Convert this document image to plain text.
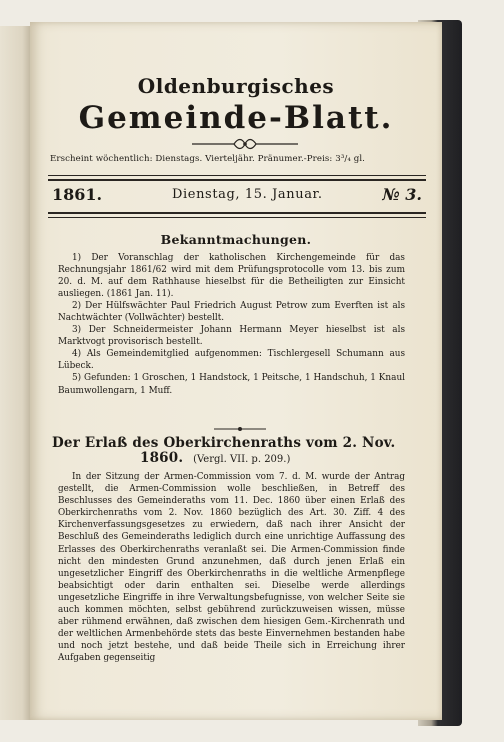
Oldenburgisches
Gemeinde-Blatt.
Erscheint wöchentlich: Dienstags. Vierteljähr. Pränumer.-Preis: 3³/₄ gl.
1861.	Dienstag, 15. Januar.	№ 3.
Bekanntmachungen.

1) Der Voranschlag der katholischen Kirchengemeinde für das Rechnungsjahr 1861/62 wird mit dem Prüfungsprotocolle vom 13. bis zum 20. d. M. auf dem Rathhause hieselbst für die Betheiligten zur Einsicht ausliegen. (1861 Jan. 11).

2) Der Hülfswächter Paul Friedrich August Petrow zum Everften ist als Nachtwächter (Vollwächter) bestellt.

3) Der Schneidermeister Johann Hermann Meyer hieselbst ist als Marktvogt provisorisch bestellt.

4) Als Gemeindemitglied aufgenommen: Tischlergesell Schumann aus Lübeck.

5) Gefunden: 1 Groschen, 1 Handstock, 1 Peitsche, 1 Handschuh, 1 Knaul Baumwollengarn, 1 Muff.

Der Erlaß des Oberkirchenraths vom 2. Nov.
1860. (Vergl. VII. p. 209.)

In der Sitzung der Armen-Commission vom 7. d. M. wurde der Antrag gestellt, die Armen-Commission wolle beschließen, in Betreff des Beschlusses des Gemeinderaths vom 11. Dec. 1860 über einen Erlaß des Oberkirchenraths vom 2. Nov. 1860 bezüglich des Art. 30. Ziff. 4 des Kirchenverfassungsgesetzes zu erwiedern, daß nach ihrer Ansicht der Beschluß des Gemeinderaths lediglich durch eine unrichtige Auffassung des Erlasses des Oberkirchenraths veranlaßt sei. Die Armen-Commission finde nicht den mindesten Grund anzunehmen, daß durch jenen Erlaß ein ungesetzlicher Eingriff des Oberkirchenraths in die weltliche Armenpflege beabsichtigt oder darin enthalten sei. Dieselbe werde allerdings ungesetzliche Eingriffe in ihre Verwaltungsbefugnisse, von welcher Seite sie auch kommen möchten, selbst gebührend zurückzuweisen wissen, müsse aber rühmend erwähnen, daß zwischen dem hiesigen Gem.-Kirchenrath und der weltlichen Armenbehörde stets das beste Einvernehmen bestanden habe und noch jetzt bestehe, und daß beide Theile sich in Erreichung ihrer Aufgaben gegenseitig
